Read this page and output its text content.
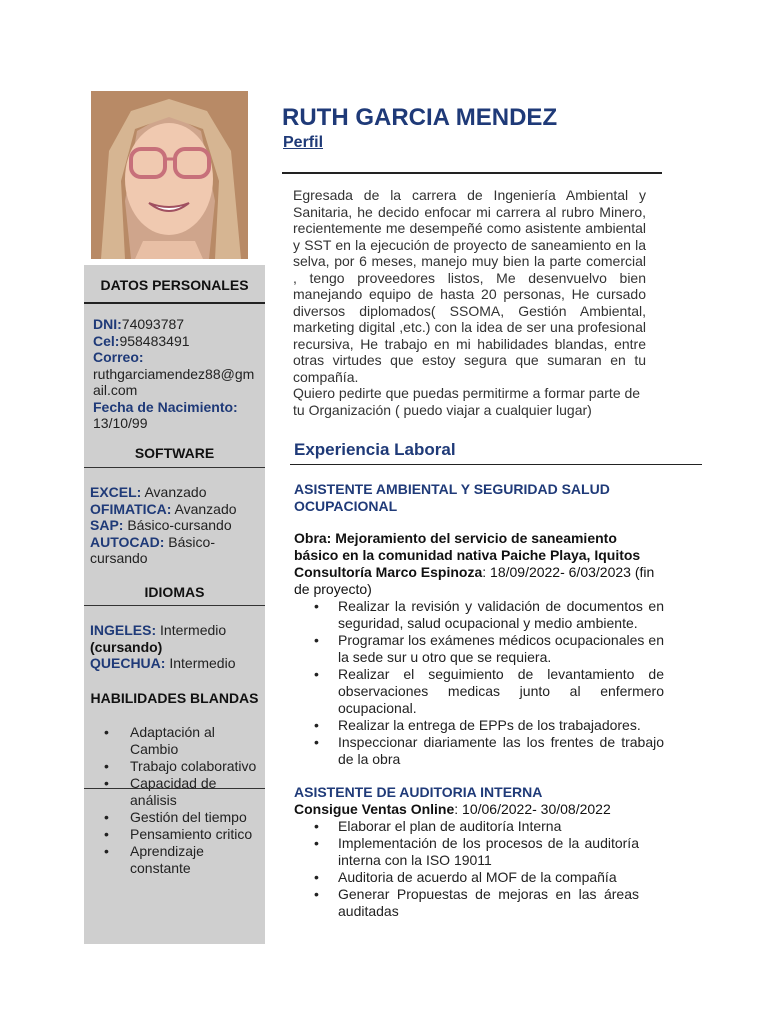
DATOS PERSONALES
DNI:74093787
Cel:958483491
Correo:
ruthgarciamendez88@gmail.com
Fecha de Nacimiento:
13/10/99
SOFTWARE
EXCEL: Avanzado
OFIMATICA: Avanzado
SAP: Básico-cursando
AUTOCAD: Básico-cursando
IDIOMAS
INGELES: Intermedio
(cursando)
QUECHUA: Intermedio
HABILIDADES BLANDAS
• Adaptación al Cambio
• Trabajo colaborativo
• Capacidad de análisis
• Gestión del tiempo
• Pensamiento critico
• Aprendizaje constante
RUTH GARCIA MENDEZ
Perfil
Egresada de la carrera de Ingeniería Ambiental y Sanitaria, he decido enfocar mi carrera al rubro Minero, recientemente me desempeñé como asistente ambiental y SST en la ejecución de proyecto de saneamiento en la selva, por 6 meses, manejo muy bien la parte comercial , tengo proveedores listos, Me desenvuelvo bien manejando equipo de hasta 20 personas, He cursado diversos diplomados( SSOMA, Gestión Ambiental, marketing digital ,etc.) con la idea de ser una profesional recursiva, He trabajo en mi habilidades blandas, entre otras virtudes que estoy segura que sumaran en tu compañía.
Quiero pedirte que puedas permitirme a formar parte de tu Organización ( puedo viajar a cualquier lugar)
Experiencia Laboral
ASISTENTE AMBIENTAL Y SEGURIDAD SALUD OCUPACIONAL
Obra: Mejoramiento del servicio de saneamiento básico en la comunidad nativa Paiche Playa, Iquitos
Consultoría Marco Espinoza: 18/09/2022- 6/03/2023 (fin de proyecto)
• Realizar la revisión y validación de documentos en seguridad, salud ocupacional y medio ambiente.
• Programar los exámenes médicos ocupacionales en la sede sur u otro que se requiera.
• Realizar el seguimiento de levantamiento de observaciones medicas junto al enfermero ocupacional.
• Realizar la entrega de EPPs de los trabajadores.
• Inspeccionar diariamente las los frentes de trabajo de la obra
ASISTENTE DE AUDITORIA INTERNA
Consigue Ventas Online: 10/06/2022- 30/08/2022
• Elaborar el plan de auditoría Interna
• Implementación de los procesos de la auditoría interna con la ISO 19011
• Auditoria de acuerdo al MOF de la compañía
• Generar Propuestas de mejoras en las áreas auditadas
